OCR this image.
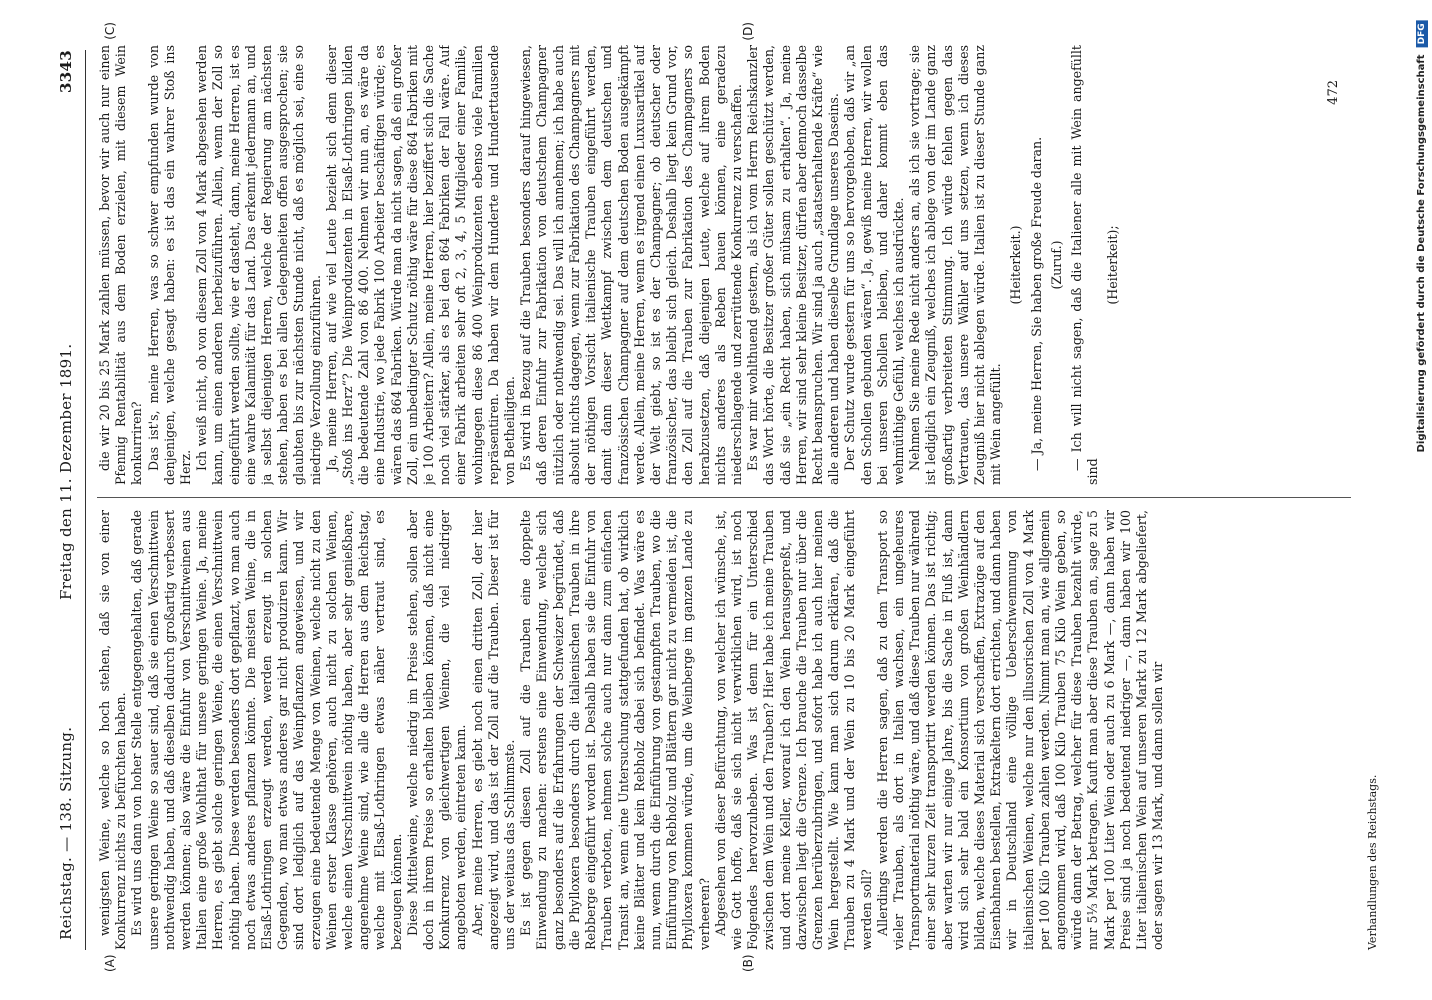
Reichstag. — 138. Sitzung.
Freitag den 11. Dezember 1891.
3343
(A)	(B)
(C)	(D)

wenigsten Weine, welche so hoch stehen, daß sie von einer Konkurrenz nichts zu befürchten haben. Es wird uns dann von hoher Stelle entgegengehalten, daß gerade unsere geringen Weine so sauer sind, daß sie einen Verschnittwein nothwendig haben, und daß dieselben dadurch großartig verbessert werden können; also wäre die Einfuhr von Verschnittweinen aus Italien eine große Wohlthat für unsere geringen Weine. Ja, meine Herren, es giebt solche geringen Weine, die einen Verschnittwein nöthig haben. Diese werden besonders dort gepflanzt, wo man auch noch etwas anderes pflanzen könnte. Die meisten Weine, die in Elsaß-Lothringen erzeugt werden, werden erzeugt in solchen Gegenden, wo man etwas anderes gar nicht produziren kann. Wir sind dort lediglich auf das Weinpflanzen angewiesen, und wir erzeugen eine bedeutende Menge von Weinen, welche nicht zu den Weinen erster Klasse gehören, auch nicht zu solchen Weinen, welche einen Verschnittwein nöthig haben, aber sehr genießbare, angenehme Weine sind, wie alle die Herren aus dem Reichstag, welche mit Elsaß-Lothringen etwas näher vertraut sind, es bezeugen können. Diese Mittelweine, welche niedrig im Preise stehen, sollen aber doch in ihrem Preise so erhalten bleiben können, daß nicht eine Konkurrenz von gleichwertigen Weinen, die viel niedriger angeboten werden, eintreten kann. Aber, meine Herren, es giebt noch einen dritten Zoll, der hier angezeigt wird, und das ist der Zoll auf die Trauben. Dieser ist für uns der weitaus das Schlimmste. Es ist gegen diesen Zoll auf die Trauben eine doppelte Einwendung zu machen: erstens eine Einwendung, welche sich ganz besonders auf die Erfahrungen der Schweizer begründet, daß die Phylloxera besonders durch die italienischen Trauben in ihre Rebberge eingeführt worden ist. Deshalb haben sie die Einfuhr von Trauben verboten, nehmen solche auch nur dann zum einfachen Transit an, wenn eine Untersuchung stattgefunden hat, ob wirklich keine Blätter und kein Rebholz dabei sich befindet. Was wäre es nun, wenn durch die Einführung von gestampften Trauben, wo die Einführung von Rebholz und Blättern gar nicht zu vermeiden ist, die Phylloxera kommen würde, um die Weinberge im ganzen Lande zu verheeren? Abgesehen von dieser Befürchtung, von welcher ich wünsche, ist, wie Gott hoffe, daß sie sich nicht verwirklichen wird, ist noch Folgendes hervorzuheben. Was ist denn für ein Unterschied zwischen dem Wein und den Trauben? Hier habe ich meine Trauben und dort meine Keller, worauf ich den Wein herausgepreßt, und dazwischen liegt die Grenze. Ich brauche die Trauben nur über die Grenzen herüberzubringen, und sofort habe ich auch hier meinen Wein hergestellt. Wie kann man sich darum erklären, daß die Trauben zu 4 Mark und der Wein zu 10 bis 20 Mark eingeführt werden soll? Allerdings werden die Herren sagen, daß zu dem Transport so vieler Trauben, als dort in Italien wachsen, ein ungeheures Transportmaterial nöthig wäre, und daß diese Trauben nur während einer sehr kurzen Zeit transportirt werden können. Das ist richtig; aber warten wir nur einige Jahre, bis die Sache in Fluß ist, dann wird sich sehr bald ein Konsortium von großen Weinhändlern bilden, welche dieses Material sich verschaffen, Extrazüge auf den Eisenbahnen bestellen, Extrakeltern dort errichten, und dann haben wir in Deutschland eine völlige Ueberschwemmung von italienischen Weinen, welche nur den illusorischen Zoll von 4 Mark per 100 Kilo Trauben zahlen werden. Nimmt man an, wie allgemein angenommen wird, daß 100 Kilo Trauben 75 Kilo Wein geben, so würde dann der Betrag, welcher für diese Trauben bezahlt würde, nur 5⅓ Mark betragen. Kauft man aber diese Trauben an, sage zu 5 Mark per 100 Liter Wein oder auch zu 6 Mark —, dann haben wir Preise sind ja noch bedeutend niedriger —, dann haben wir 100 Liter italienischen Wein auf unseren Markt zu 12 Mark abgeliefert, oder sagen wir 13 Mark, und dann sollen wir

die wir 20 bis 25 Mark zahlen müssen, bevor wir auch nur einen Pfennig Rentabilität aus dem Boden erzielen, mit diesem Wein konkurriren? Das ist's, meine Herren, was so schwer empfunden wurde von denjenigen, welche gesagt haben: es ist das ein wahrer Stoß ins Herz. Ich weiß nicht, ob von diesem Zoll von 4 Mark abgesehen werden kann, um einen anderen herbeizuführen. Allein, wenn der Zoll so eingeführt werden sollte, wie er dasteht, dann, meine Herren, ist es eine wahre Kalamität für das Land. Das erkennt jedermann an, und ja selbst diejenigen Herren, welche der Regierung am nächsten stehen, haben es bei allen Gelegenheiten offen ausgesprochen; sie glaubten bis zur nächsten Stunde nicht, daß es möglich sei, eine so niedrige Verzollung einzuführen. Ja, meine Herren, auf wie viel Leute bezieht sich denn dieser „Stoß ins Herz“? Die Weinproduzenten in Elsaß-Lothringen bilden die bedeutende Zahl von 86 400. Nehmen wir nun an, es wäre da eine Industrie, wo jede Fabrik 100 Arbeiter beschäftigen würde; es wären das 864 Fabriken. Würde man da nicht sagen, daß ein großer Zoll, ein unbedingter Schutz nöthig wäre für diese 864 Fabriken mit je 100 Arbeitern? Allein, meine Herren, hier beziffert sich die Sache noch viel stärker, als es bei den 864 Fabriken der Fall wäre. Auf einer Fabrik arbeiten sehr oft 2, 3, 4, 5 Mitglieder einer Familie, wohingegen diese 86 400 Weinproduzenten ebenso viele Familien repräsentiren. Da haben wir dem Hunderte und Hunderttausende von Betheiligten. Es wird in Bezug auf die Trauben besonders darauf hingewiesen, daß deren Einfuhr zur Fabrikation von deutschem Champagner nützlich oder nothwendig sei. Das will ich annehmen; ich habe auch absolut nichts dagegen, wenn zur Fabrikation des Champagners mit der nöthigen Vorsicht italienische Trauben eingeführt werden, damit dann dieser Wettkampf zwischen dem deutschen und französischen Champagner auf dem deutschen Boden ausgekämpft werde. Allein, meine Herren, wenn es irgend einen Luxusartikel auf der Welt giebt, so ist es der Champagner; ob deutscher oder französischer, das bleibt sich gleich. Deshalb liegt kein Grund vor, den Zoll auf die Trauben zur Fabrikation des Champagners so herabzusetzen, daß diejenigen Leute, welche auf ihrem Boden nichts anderes als Reben bauen können, eine geradezu niederschlagende und zerrüttende Konkurrenz zu verschaffen. Es war mir wohlthuend gestern, als ich vom Herrn Reichskanzler das Wort hörte, die Besitzer großer Güter sollen geschützt werden, daß sie „ein Recht haben, sich mühsam zu erhalten“. Ja, meine Herren, wir sind sehr kleine Besitzer, dürfen aber dennoch dasselbe Recht beanspruchen. Wir sind ja auch „staatserhaltende Kräfte“ wie alle anderen und haben dieselbe Grundlage unseres Daseins. Der Schutz wurde gestern für uns so hervorgehoben, daß wir „an den Schollen gebunden wären“. Ja, gewiß meine Herren, wir wollen bei unseren Schollen bleiben, und daher kommt eben das wehmüthige Gefühl, welches ich ausdrückte. Nehmen Sie meine Rede nicht anders an, als ich sie vortrage; sie ist lediglich ein Zeugniß, welches ich ablege von der im Lande ganz großartig verbreiteten Stimmung. Ich würde fehlen gegen das Vertrauen, das unsere Wähler auf uns setzen, wenn ich dieses Zeugniß hier nicht ablegen würde. Italien ist zu dieser Stunde ganz mit Wein angefüllt.

(Heiterkeit.) — Ja, meine Herren, Sie haben große Freude daran. (Zuruf.) — Ich will nicht sagen, daß die Italiener alle mit Wein angefüllt sind

(Heiterkeit);

472
Verhandlungen des Reichstags.
Digitalisierung gefördert durch die Deutsche Forschungsgemeinschaft DFG
